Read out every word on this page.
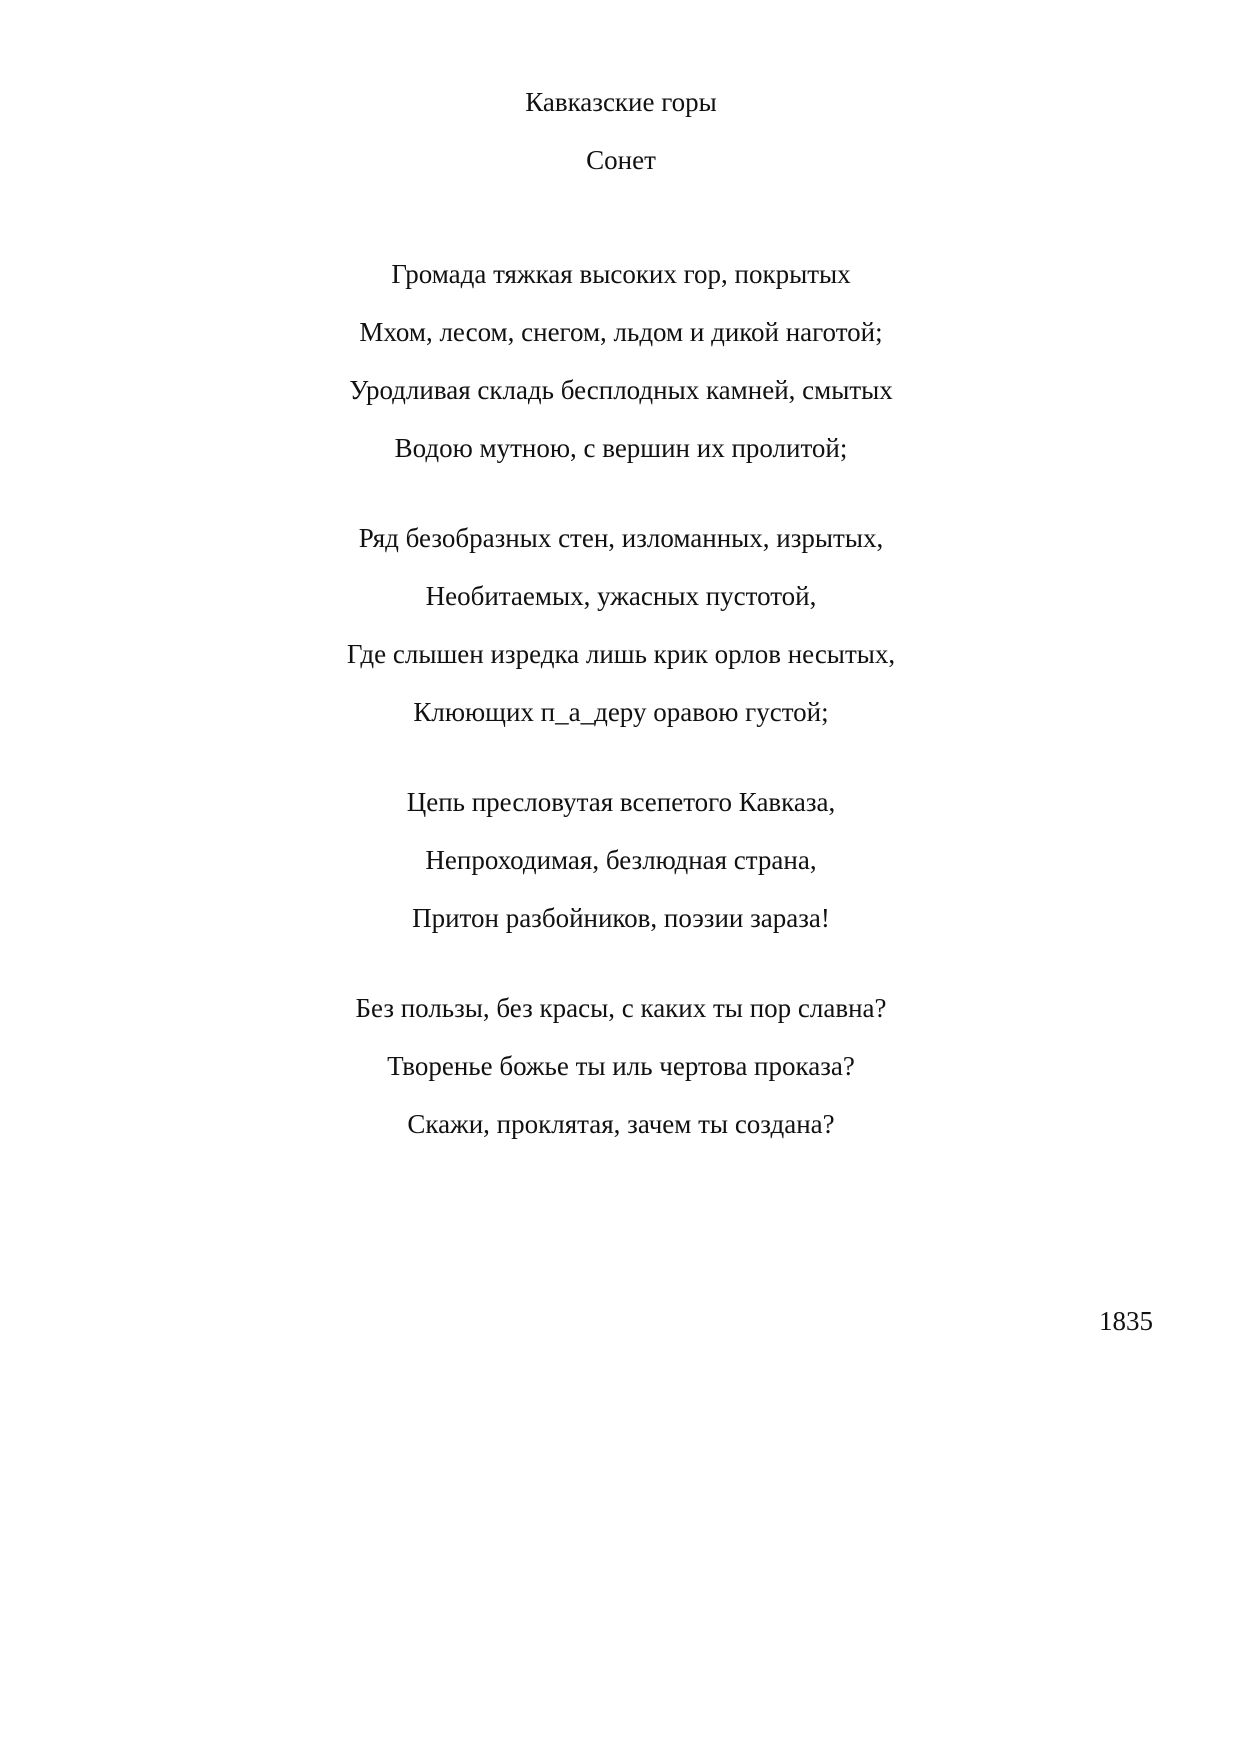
Кавказские горы
Сонет
Громада тяжкая высоких гор, покрытых
Мхом, лесом, снегом, льдом и дикой наготой;
Уродливая складь бесплодных камней, смытых
Водою мутною, с вершин их пролитой;
Ряд безобразных стен, изломанных, изрытых,
Необитаемых, ужасных пустотой,
Где слышен изредка лишь крик орлов несытых,
Клюющих п_а_деру оравою густой;
Цепь пресловутая всепетого Кавказа,
Непроходимая, безлюдная страна,
Притон разбойников, поэзии зараза!
Без пользы, без красы, с каких ты пор славна?
Творенье божье ты иль чертова проказа?
Скажи, проклятая, зачем ты создана?
1835
